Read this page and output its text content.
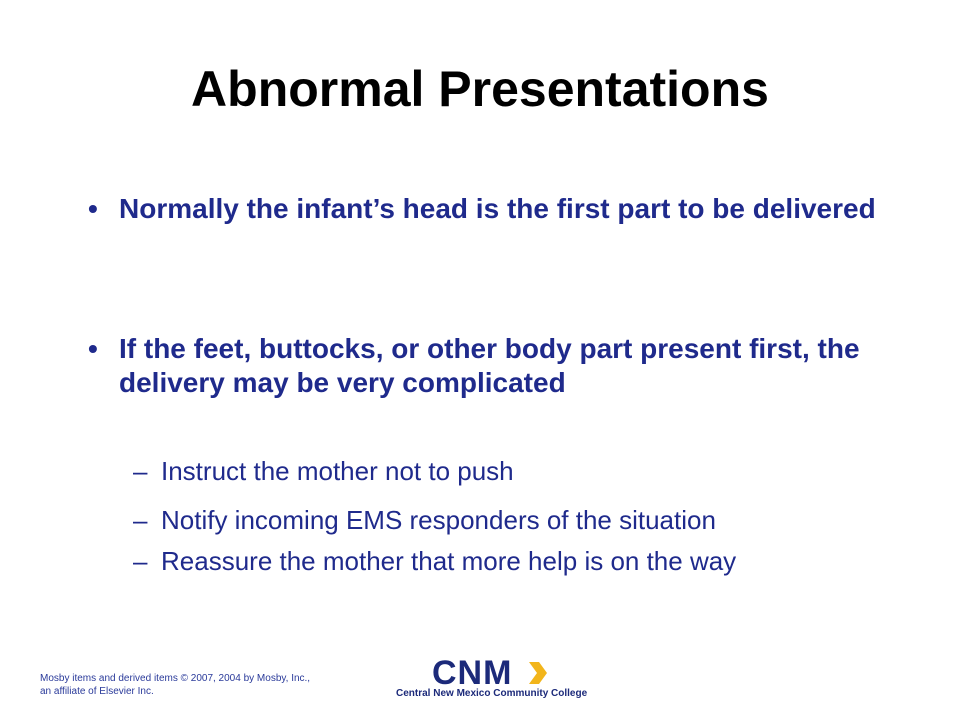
Abnormal Presentations
• Normally the infant’s head is the first part to be delivered
• If the feet, buttocks, or other body part present first, the delivery may be very complicated
– Instruct the mother not to push
– Notify incoming EMS responders of the situation
– Reassure the mother that more help is on the way
Mosby items and derived items © 2007, 2004 by Mosby, Inc.,
an affiliate of Elsevier Inc.	CNM
Central New Mexico Community College
